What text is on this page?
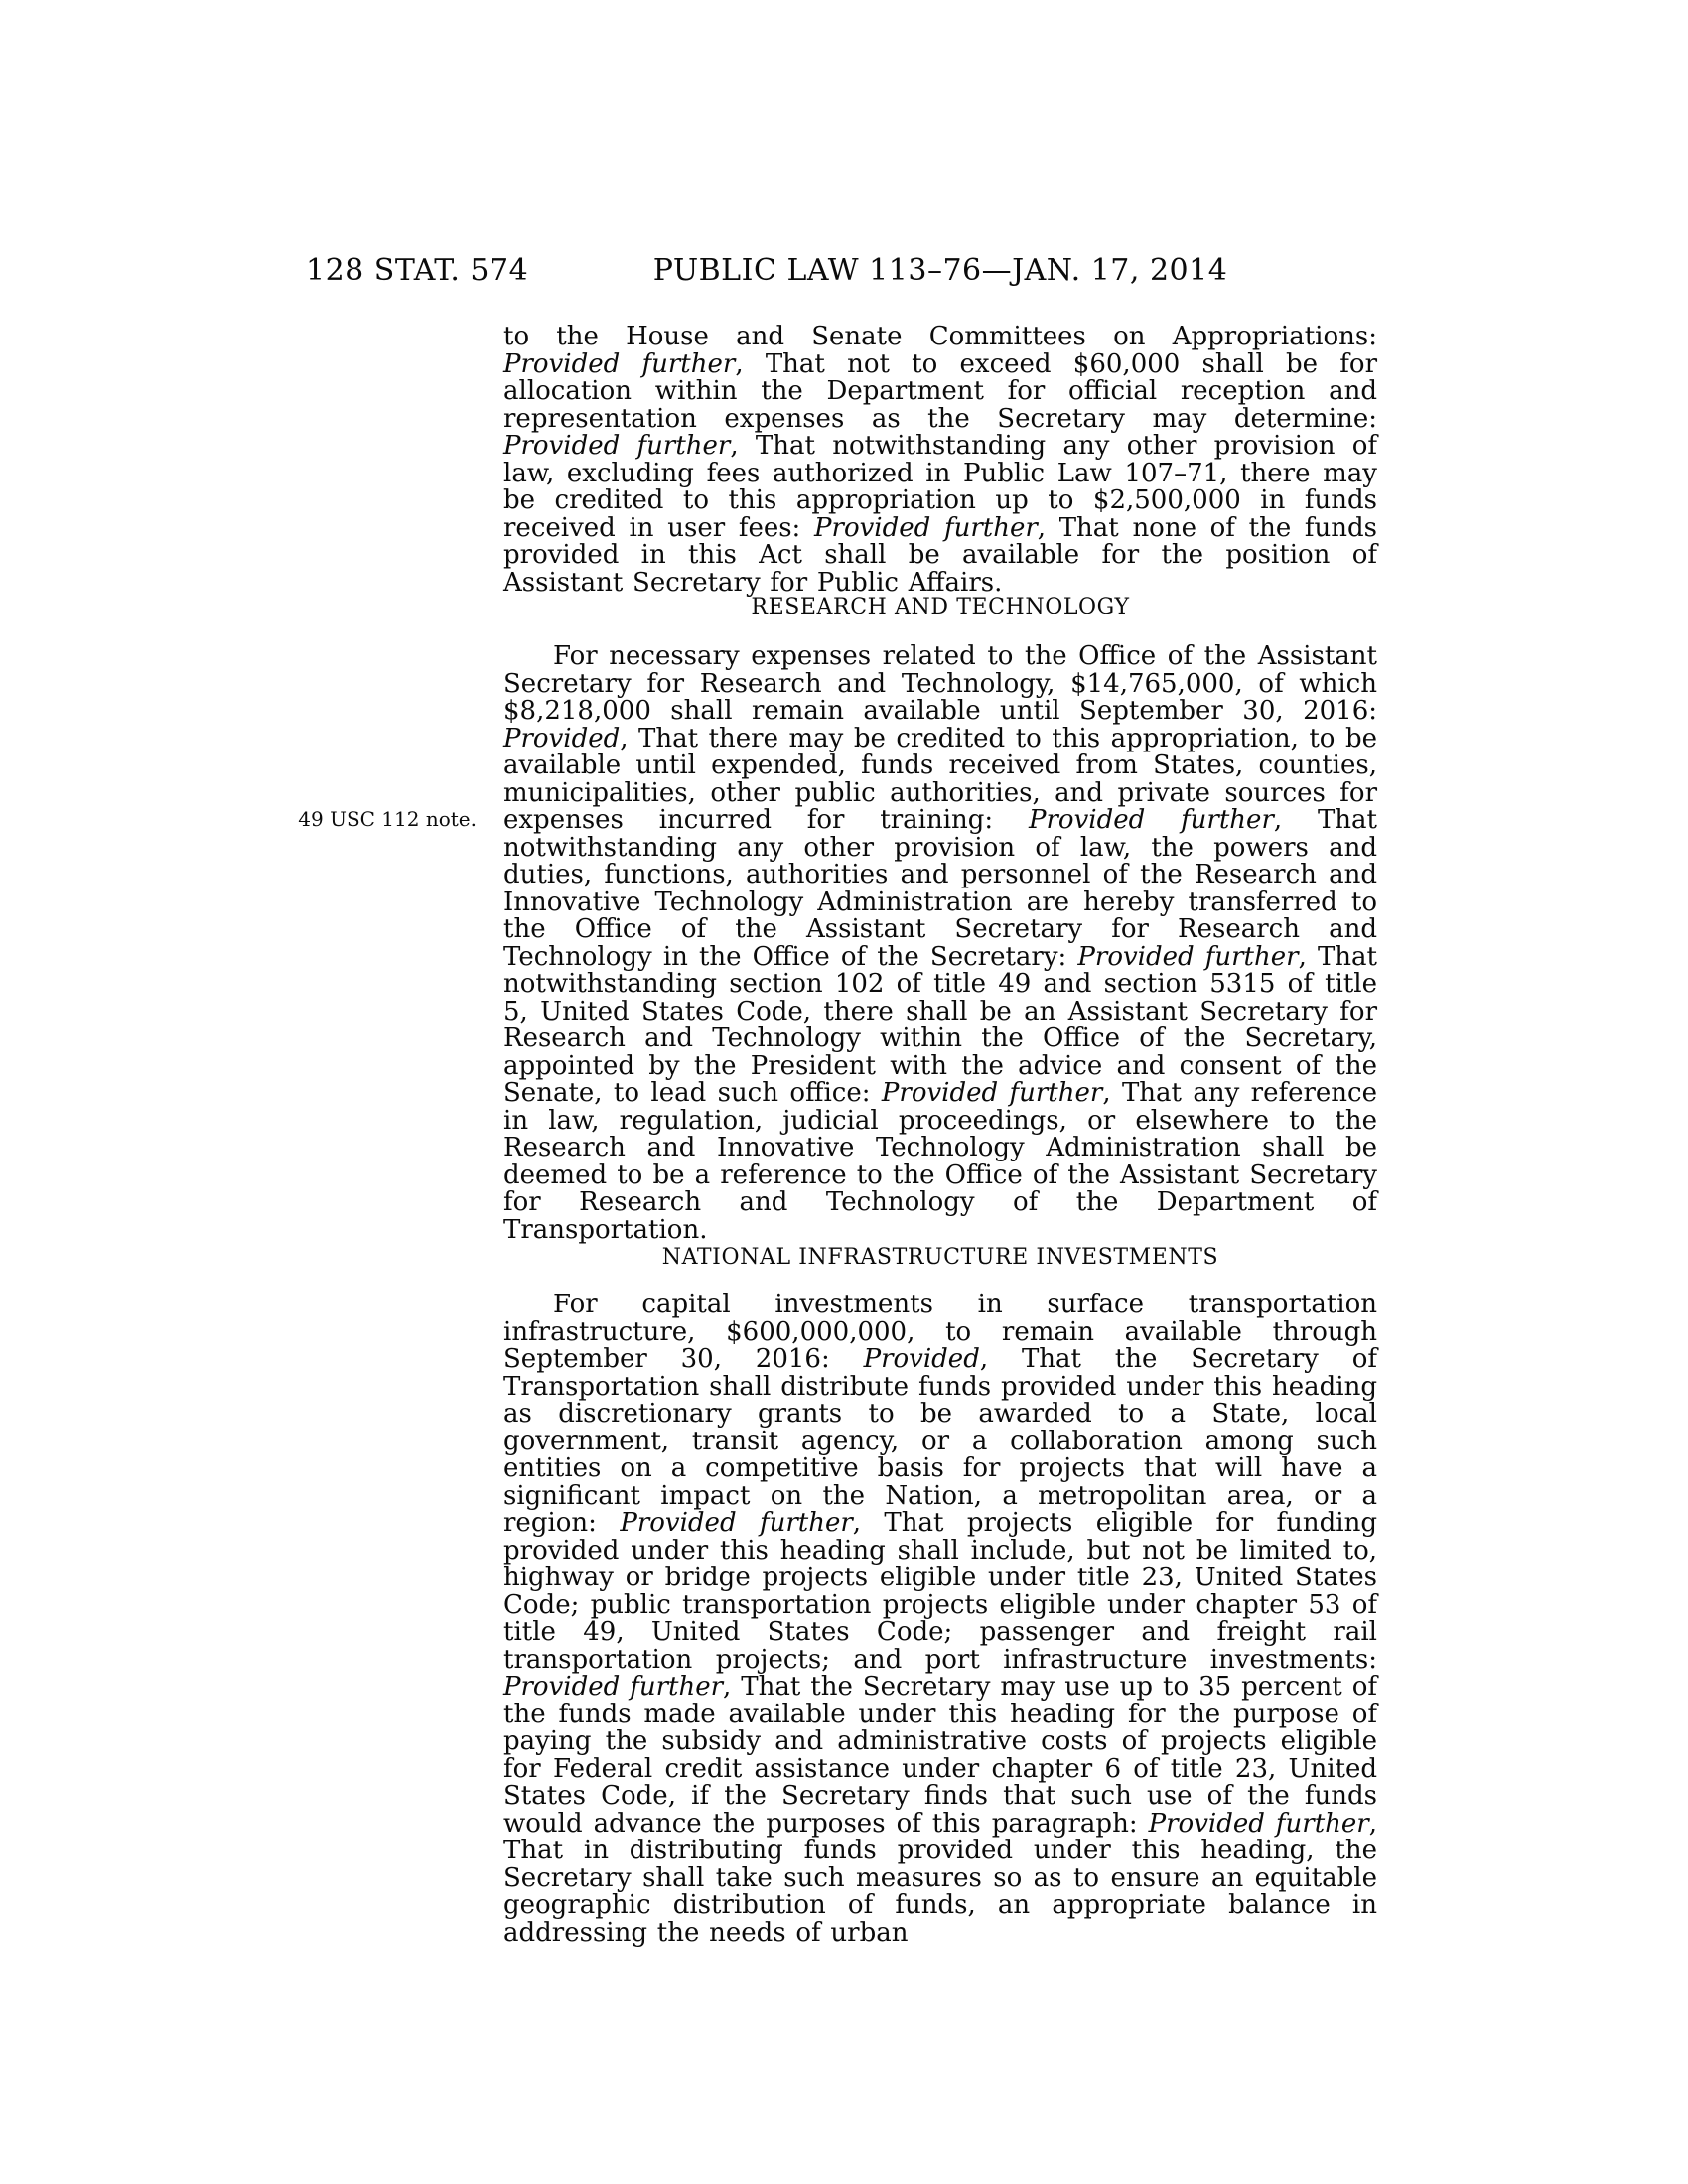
128 STAT. 574	PUBLIC LAW 113–76—JAN. 17, 2014
49 USC 112 note.

to the House and Senate Committees on Appropriations: Provided further, That not to exceed $60,000 shall be for allocation within the Department for official reception and representation expenses as the Secretary may determine: Provided further, That notwithstanding any other provision of law, excluding fees authorized in Public Law 107–71, there may be credited to this appropriation up to $2,500,000 in funds received in user fees: Provided further, That none of the funds provided in this Act shall be available for the position of Assistant Secretary for Public Affairs.

RESEARCH AND TECHNOLOGY

For necessary expenses related to the Office of the Assistant Secretary for Research and Technology, $14,765,000, of which $8,218,000 shall remain available until September 30, 2016: Provided, That there may be credited to this appropriation, to be available until expended, funds received from States, counties, municipalities, other public authorities, and private sources for expenses incurred for training: Provided further, That notwithstanding any other provision of law, the powers and duties, functions, authorities and personnel of the Research and Innovative Technology Administration are hereby transferred to the Office of the Assistant Secretary for Research and Technology in the Office of the Secretary: Provided further, That notwithstanding section 102 of title 49 and section 5315 of title 5, United States Code, there shall be an Assistant Secretary for Research and Technology within the Office of the Secretary, appointed by the President with the advice and consent of the Senate, to lead such office: Provided further, That any reference in law, regulation, judicial proceedings, or elsewhere to the Research and Innovative Technology Administration shall be deemed to be a reference to the Office of the Assistant Secretary for Research and Technology of the Department of Transportation.

NATIONAL INFRASTRUCTURE INVESTMENTS

For capital investments in surface transportation infrastructure, $600,000,000, to remain available through September 30, 2016: Provided, That the Secretary of Transportation shall distribute funds provided under this heading as discretionary grants to be awarded to a State, local government, transit agency, or a collaboration among such entities on a competitive basis for projects that will have a significant impact on the Nation, a metropolitan area, or a region: Provided further, That projects eligible for funding provided under this heading shall include, but not be limited to, highway or bridge projects eligible under title 23, United States Code; public transportation projects eligible under chapter 53 of title 49, United States Code; passenger and freight rail transportation projects; and port infrastructure investments: Provided further, That the Secretary may use up to 35 percent of the funds made available under this heading for the purpose of paying the subsidy and administrative costs of projects eligible for Federal credit assistance under chapter 6 of title 23, United States Code, if the Secretary finds that such use of the funds would advance the purposes of this paragraph: Provided further, That in distributing funds provided under this heading, the Secretary shall take such measures so as to ensure an equitable geographic distribution of funds, an appropriate balance in addressing the needs of urban
